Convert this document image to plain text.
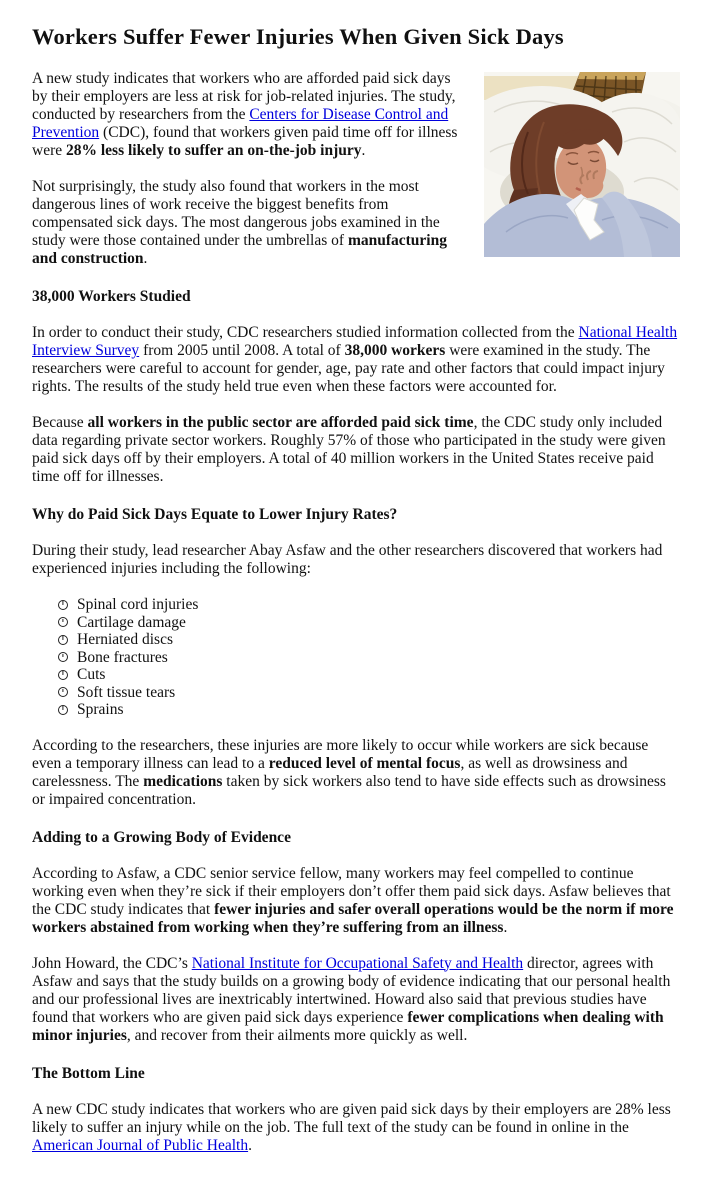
Workers Suffer Fewer Injuries When Given Sick Days

A new study indicates that workers who are afforded paid sick days by their employers are less at risk for job-related injuries. The study, conducted by researchers from the Centers for Disease Control and Prevention (CDC), found that workers given paid time off for illness were 28% less likely to suffer an on-the-job injury.

Not surprisingly, the study also found that workers in the most dangerous lines of work receive the biggest benefits from compensated sick days. The most dangerous jobs examined in the study were those contained under the umbrellas of manufacturing and construction.

38,000 Workers Studied

In order to conduct their study, CDC researchers studied information collected from the National Health Interview Survey from 2005 until 2008. A total of 38,000 workers were examined in the study. The researchers were careful to account for gender, age, pay rate and other factors that could impact injury rights. The results of the study held true even when these factors were accounted for.

Because all workers in the public sector are afforded paid sick time, the CDC study only included data regarding private sector workers. Roughly 57% of those who participated in the study were given paid sick days off by their employers. A total of 40 million workers in the United States receive paid time off for illnesses.

Why do Paid Sick Days Equate to Lower Injury Rates?

During their study, lead researcher Abay Asfaw and the other researchers discovered that workers had experienced injuries including the following:

Spinal cord injuries
Cartilage damage
Herniated discs
Bone fractures
Cuts
Soft tissue tears
Sprains

According to the researchers, these injuries are more likely to occur while workers are sick because even a temporary illness can lead to a reduced level of mental focus, as well as drowsiness and carelessness. The medications taken by sick workers also tend to have side effects such as drowsiness or impaired concentration.

Adding to a Growing Body of Evidence

According to Asfaw, a CDC senior service fellow, many workers may feel compelled to continue working even when they’re sick if their employers don’t offer them paid sick days. Asfaw believes that the CDC study indicates that fewer injuries and safer overall operations would be the norm if more workers abstained from working when they’re suffering from an illness.

John Howard, the CDC’s National Institute for Occupational Safety and Health director, agrees with Asfaw and says that the study builds on a growing body of evidence indicating that our personal health and our professional lives are inextricably intertwined. Howard also said that previous studies have found that workers who are given paid sick days experience fewer complications when dealing with minor injuries, and recover from their ailments more quickly as well.

The Bottom Line

A new CDC study indicates that workers who are given paid sick days by their employers are 28% less likely to suffer an injury while on the job. The full text of the study can be found in online in the American Journal of Public Health.
